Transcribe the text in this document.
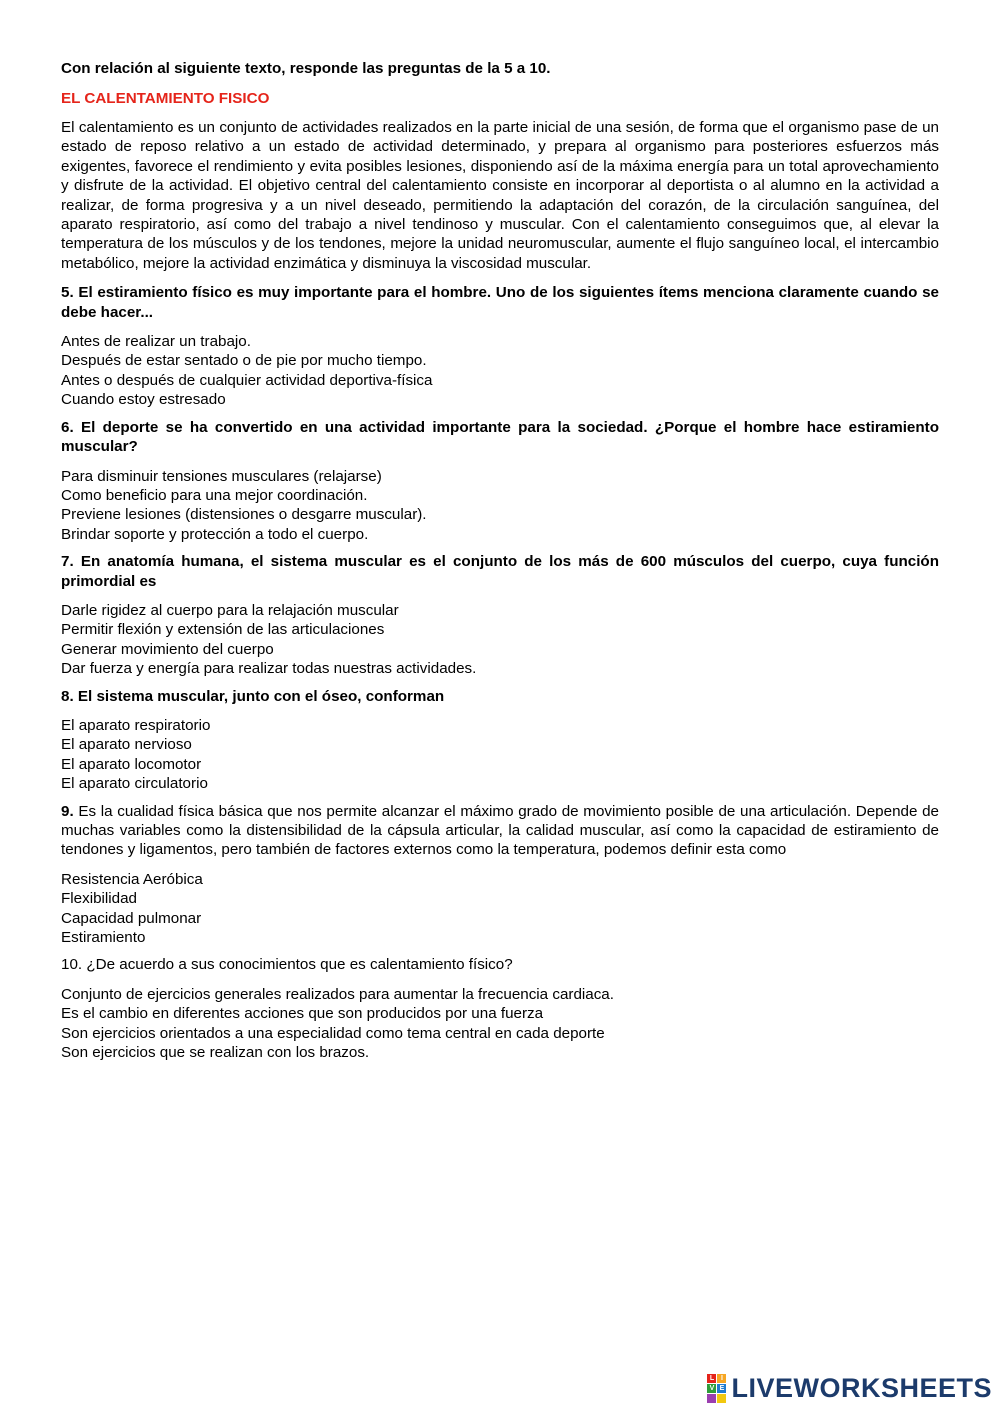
Con relación al siguiente texto, responde las preguntas de la 5 a 10.

EL CALENTAMIENTO FISICO

El calentamiento es un conjunto de actividades realizados en la parte inicial de una sesión, de forma que el organismo pase de un estado de reposo relativo a un estado de actividad determinado, y prepara al organismo para posteriores esfuerzos más exigentes, favorece el rendimiento y evita posibles lesiones, disponiendo así de la máxima energía para un total aprovechamiento y disfrute de la actividad. El objetivo central del calentamiento consiste en incorporar al deportista o al alumno en la actividad a realizar, de forma progresiva y a un nivel deseado, permitiendo la adaptación del corazón, de la circulación sanguínea, del aparato respiratorio, así como del trabajo a nivel tendinoso y muscular. Con el calentamiento conseguimos que, al elevar la temperatura de los músculos y de los tendones, mejore la unidad neuromuscular, aumente el flujo sanguíneo local, el intercambio metabólico, mejore la actividad enzimática y disminuya la viscosidad muscular.

5. El estiramiento físico es muy importante para el hombre. Uno de los siguientes ítems menciona claramente cuando se debe hacer...

Antes de realizar un trabajo.
Después de estar sentado o de pie por mucho tiempo.
Antes o después de cualquier actividad deportiva-física
Cuando estoy estresado

6. El deporte se ha convertido en una actividad importante para la sociedad. ¿Porque el hombre hace estiramiento muscular?

Para disminuir tensiones musculares (relajarse)
Como beneficio para una mejor coordinación.
Previene lesiones (distensiones o desgarre muscular).
Brindar soporte y protección a todo el cuerpo.

7. En anatomía humana, el sistema muscular es el conjunto de los más de 600 músculos del cuerpo, cuya función primordial es

Darle rigidez al cuerpo para la relajación muscular
Permitir flexión y extensión de las articulaciones
Generar movimiento del cuerpo
Dar fuerza y energía para realizar todas nuestras actividades.

8. El sistema muscular, junto con el óseo, conforman

El aparato respiratorio
El aparato nervioso
El aparato locomotor
El aparato circulatorio

9. Es la cualidad física básica que nos permite alcanzar el máximo grado de movimiento posible de una articulación. Depende de muchas variables como la distensibilidad de la cápsula articular, la calidad muscular, así como la capacidad de estiramiento de tendones y ligamentos, pero también de factores externos como la temperatura, podemos definir esta como

Resistencia Aeróbica
Flexibilidad
Capacidad pulmonar
Estiramiento

10. ¿De acuerdo a sus conocimientos que es calentamiento físico?

Conjunto de ejercicios generales realizados para aumentar la frecuencia cardiaca.
Es el cambio en diferentes acciones que son producidos por una fuerza
Son ejercicios orientados a una especialidad como tema central en cada deporte
Son ejercicios que se realizan con los brazos.
L I
V E LIVEWORKSHEETS
